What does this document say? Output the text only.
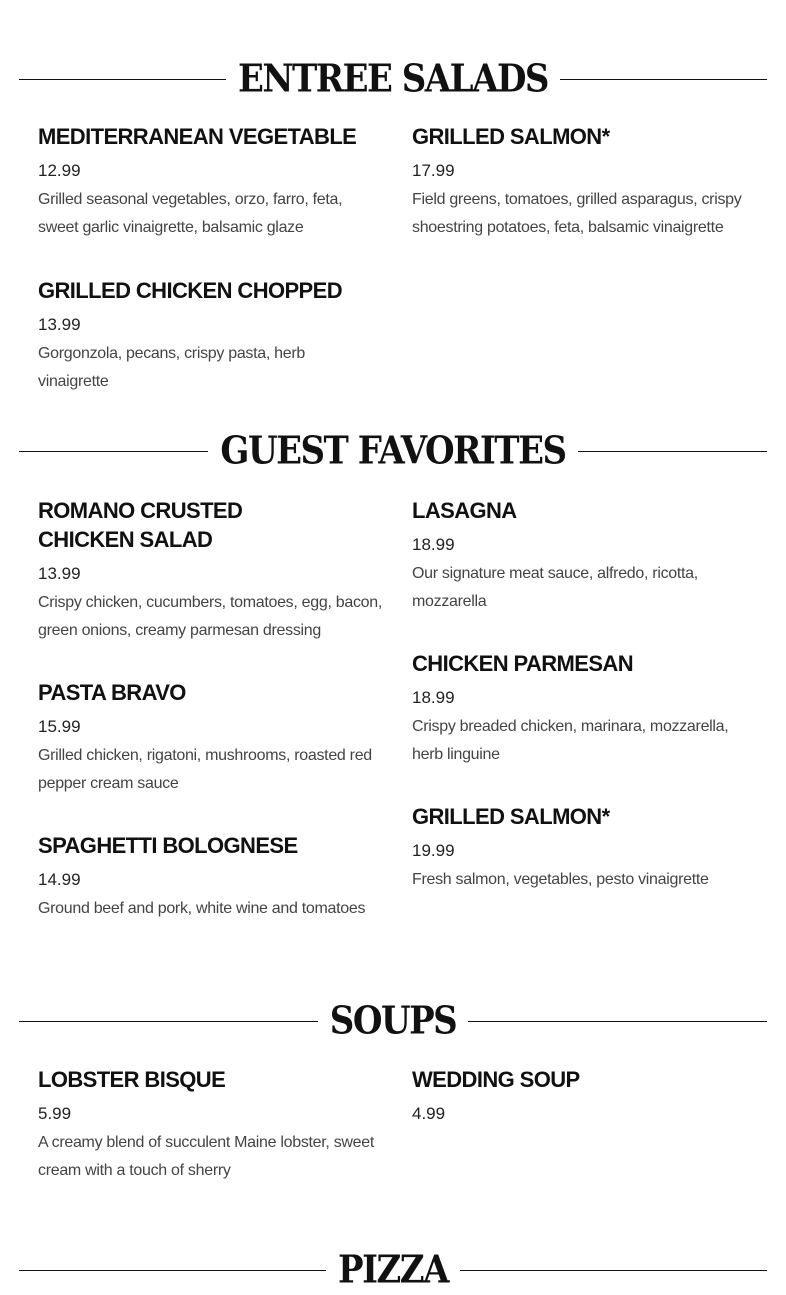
ENTREE SALADS
MEDITERRANEAN VEGETABLE
12.99
Grilled seasonal vegetables, orzo, farro, feta, sweet garlic vinaigrette, balsamic glaze
GRILLED SALMON*
17.99
Field greens, tomatoes, grilled asparagus, crispy shoestring potatoes, feta, balsamic vinaigrette
GRILLED CHICKEN CHOPPED
13.99
Gorgonzola, pecans, crispy pasta, herb vinaigrette
GUEST FAVORITES
ROMANO CRUSTED CHICKEN SALAD
13.99
Crispy chicken, cucumbers, tomatoes, egg, bacon, green onions, creamy parmesan dressing
LASAGNA
18.99
Our signature meat sauce, alfredo, ricotta, mozzarella
PASTA BRAVO
15.99
Grilled chicken, rigatoni, mushrooms, roasted red pepper cream sauce
CHICKEN PARMESAN
18.99
Crispy breaded chicken, marinara, mozzarella, herb linguine
SPAGHETTI BOLOGNESE
14.99
Ground beef and pork, white wine and tomatoes
GRILLED SALMON*
19.99
Fresh salmon, vegetables, pesto vinaigrette
SOUPS
LOBSTER BISQUE
5.99
A creamy blend of succulent Maine lobster, sweet cream with a touch of sherry
WEDDING SOUP
4.99
PIZZA
